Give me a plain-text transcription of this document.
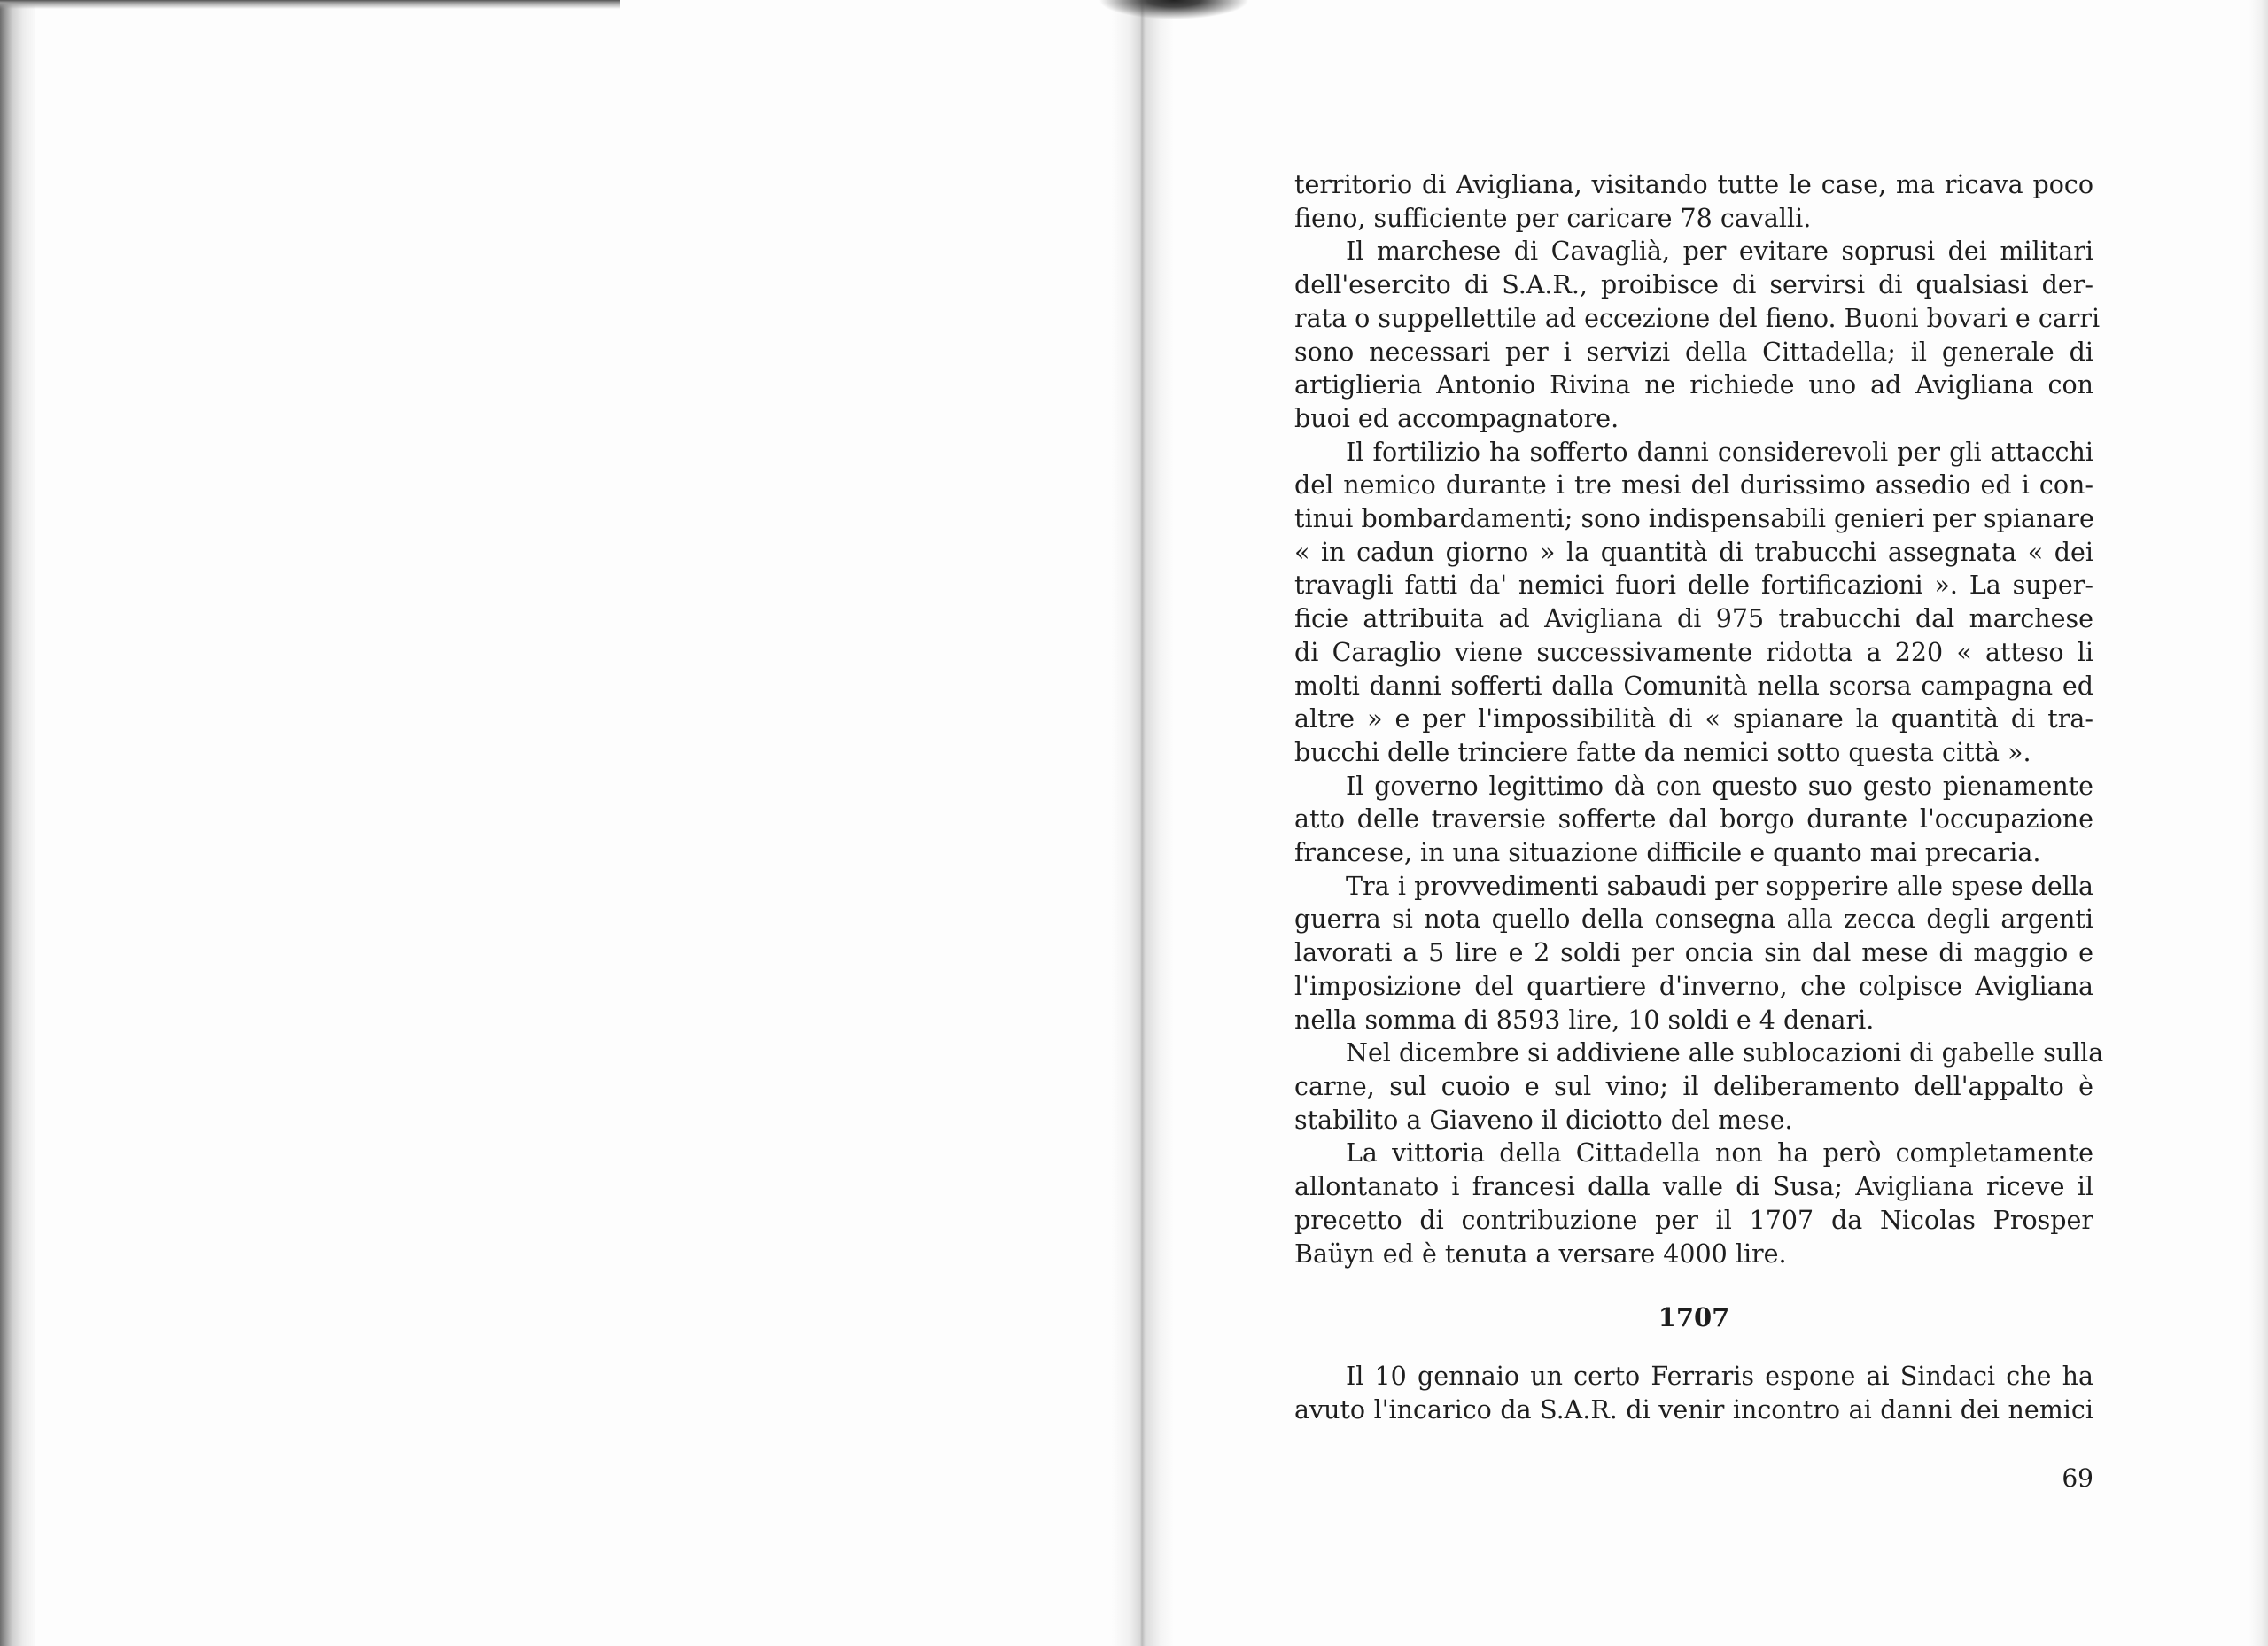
territorio di Avigliana, visitando tutte le case, ma ricava poco
fieno, sufficiente per caricare 78 cavalli.
Il marchese di Cavaglià, per evitare soprusi dei militari
dell'esercito di S.A.R., proibisce di servirsi di qualsiasi der-
rata o suppellettile ad eccezione del fieno. Buoni bovari e carri
sono necessari per i servizi della Cittadella; il generale di
artiglieria Antonio Rivina ne richiede uno ad Avigliana con
buoi ed accompagnatore.
Il fortilizio ha sofferto danni considerevoli per gli attacchi
del nemico durante i tre mesi del durissimo assedio ed i con-
tinui bombardamenti; sono indispensabili genieri per spianare
« in cadun giorno » la quantità di trabucchi assegnata « dei
travagli fatti da' nemici fuori delle fortificazioni ». La super-
ficie attribuita ad Avigliana di 975 trabucchi dal marchese
di Caraglio viene successivamente ridotta a 220 « atteso li
molti danni sofferti dalla Comunità nella scorsa campagna ed
altre » e per l'impossibilità di « spianare la quantità di tra-
bucchi delle trinciere fatte da nemici sotto questa città ».
Il governo legittimo dà con questo suo gesto pienamente
atto delle traversie sofferte dal borgo durante l'occupazione
francese, in una situazione difficile e quanto mai precaria.
Tra i provvedimenti sabaudi per sopperire alle spese della
guerra si nota quello della consegna alla zecca degli argenti
lavorati a 5 lire e 2 soldi per oncia sin dal mese di maggio e
l'imposizione del quartiere d'inverno, che colpisce Avigliana
nella somma di 8593 lire, 10 soldi e 4 denari.
Nel dicembre si addiviene alle sublocazioni di gabelle sulla
carne, sul cuoio e sul vino; il deliberamento dell'appalto è
stabilito a Giaveno il diciotto del mese.
La vittoria della Cittadella non ha però completamente
allontanato i francesi dalla valle di Susa; Avigliana riceve il
precetto di contribuzione per il 1707 da Nicolas Prosper
Baüyn ed è tenuta a versare 4000 lire.
1707
Il 10 gennaio un certo Ferraris espone ai Sindaci che ha
avuto l'incarico da S.A.R. di venir incontro ai danni dei nemici
69
